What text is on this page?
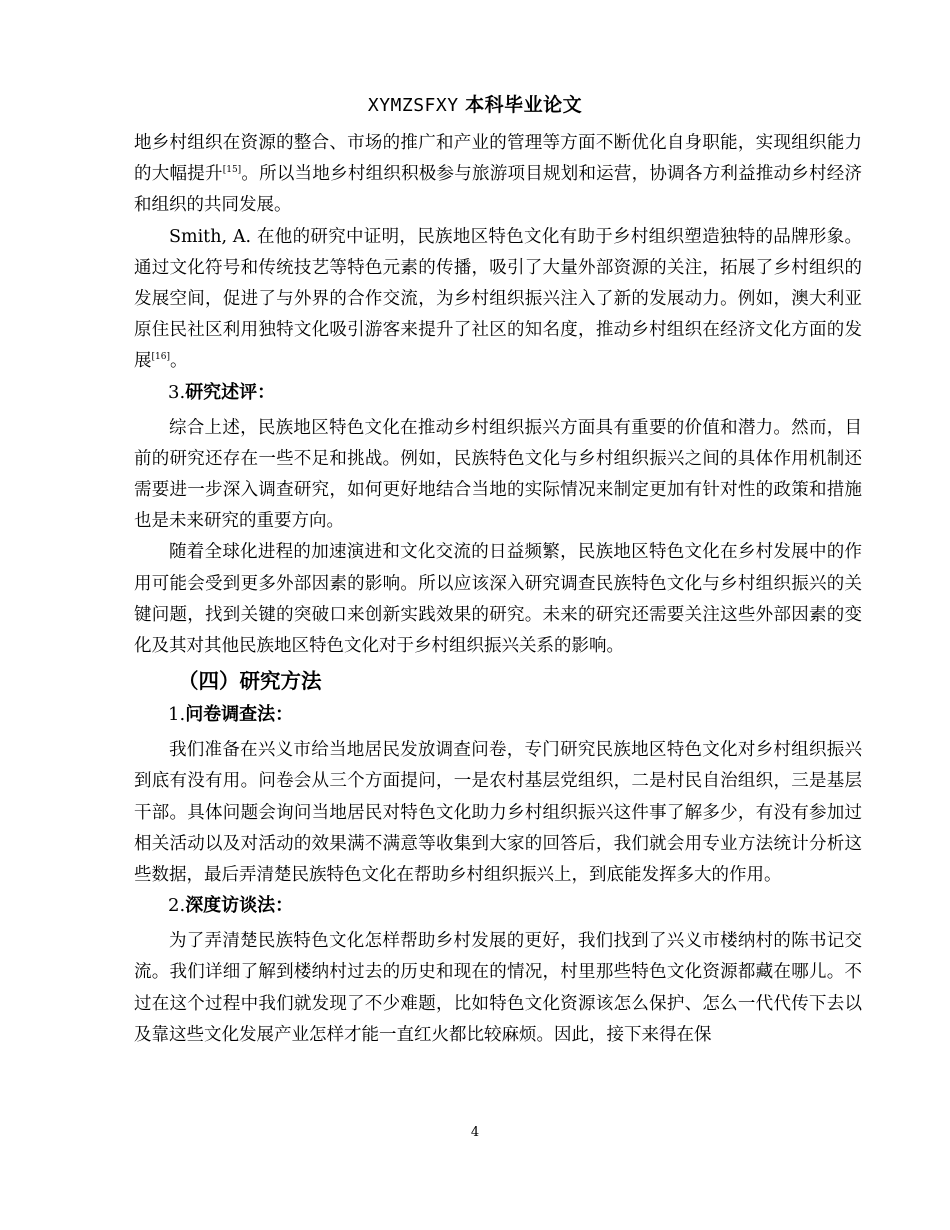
XYMZSFXY 本科毕业论文

地乡村组织在资源的整合、市场的推广和产业的管理等方面不断优化自身职能，实现组织能力的大幅提升[15]。所以当地乡村组织积极参与旅游项目规划和运营，协调各方利益推动乡村经济和组织的共同发展。

Smith, A. 在他的研究中证明，民族地区特色文化有助于乡村组织塑造独特的品牌形象。通过文化符号和传统技艺等特色元素的传播，吸引了大量外部资源的关注，拓展了乡村组织的发展空间，促进了与外界的合作交流，为乡村组织振兴注入了新的发展动力。例如，澳大利亚原住民社区利用独特文化吸引游客来提升了社区的知名度，推动乡村组织在经济文化方面的发展[16]。

3.研究述评：

综合上述，民族地区特色文化在推动乡村组织振兴方面具有重要的价值和潜力。然而，目前的研究还存在一些不足和挑战。例如，民族特色文化与乡村组织振兴之间的具体作用机制还需要进一步深入调查研究，如何更好地结合当地的实际情况来制定更加有针对性的政策和措施也是未来研究的重要方向。

随着全球化进程的加速演进和文化交流的日益频繁，民族地区特色文化在乡村发展中的作用可能会受到更多外部因素的影响。所以应该深入研究调查民族特色文化与乡村组织振兴的关键问题，找到关键的突破口来创新实践效果的研究。未来的研究还需要关注这些外部因素的变化及其对其他民族地区特色文化对于乡村组织振兴关系的影响。

（四）研究方法
1.问卷调查法：

我们准备在兴义市给当地居民发放调查问卷，专门研究民族地区特色文化对乡村组织振兴到底有没有用。问卷会从三个方面提问，一是农村基层党组织，二是村民自治组织，三是基层干部。具体问题会询问当地居民对特色文化助力乡村组织振兴这件事了解多少，有没有参加过相关活动以及对活动的效果满不满意等收集到大家的回答后，我们就会用专业方法统计分析这些数据，最后弄清楚民族特色文化在帮助乡村组织振兴上，到底能发挥多大的作用。

2.深度访谈法：

为了弄清楚民族特色文化怎样帮助乡村发展的更好，我们找到了兴义市楼纳村的陈书记交流。我们详细了解到楼纳村过去的历史和现在的情况，村里那些特色文化资源都藏在哪儿。不过在这个过程中我们就发现了不少难题，比如特色文化资源该怎么保护、怎么一代代传下去以及靠这些文化发展产业怎样才能一直红火都比较麻烦。因此，接下来得在保

4
